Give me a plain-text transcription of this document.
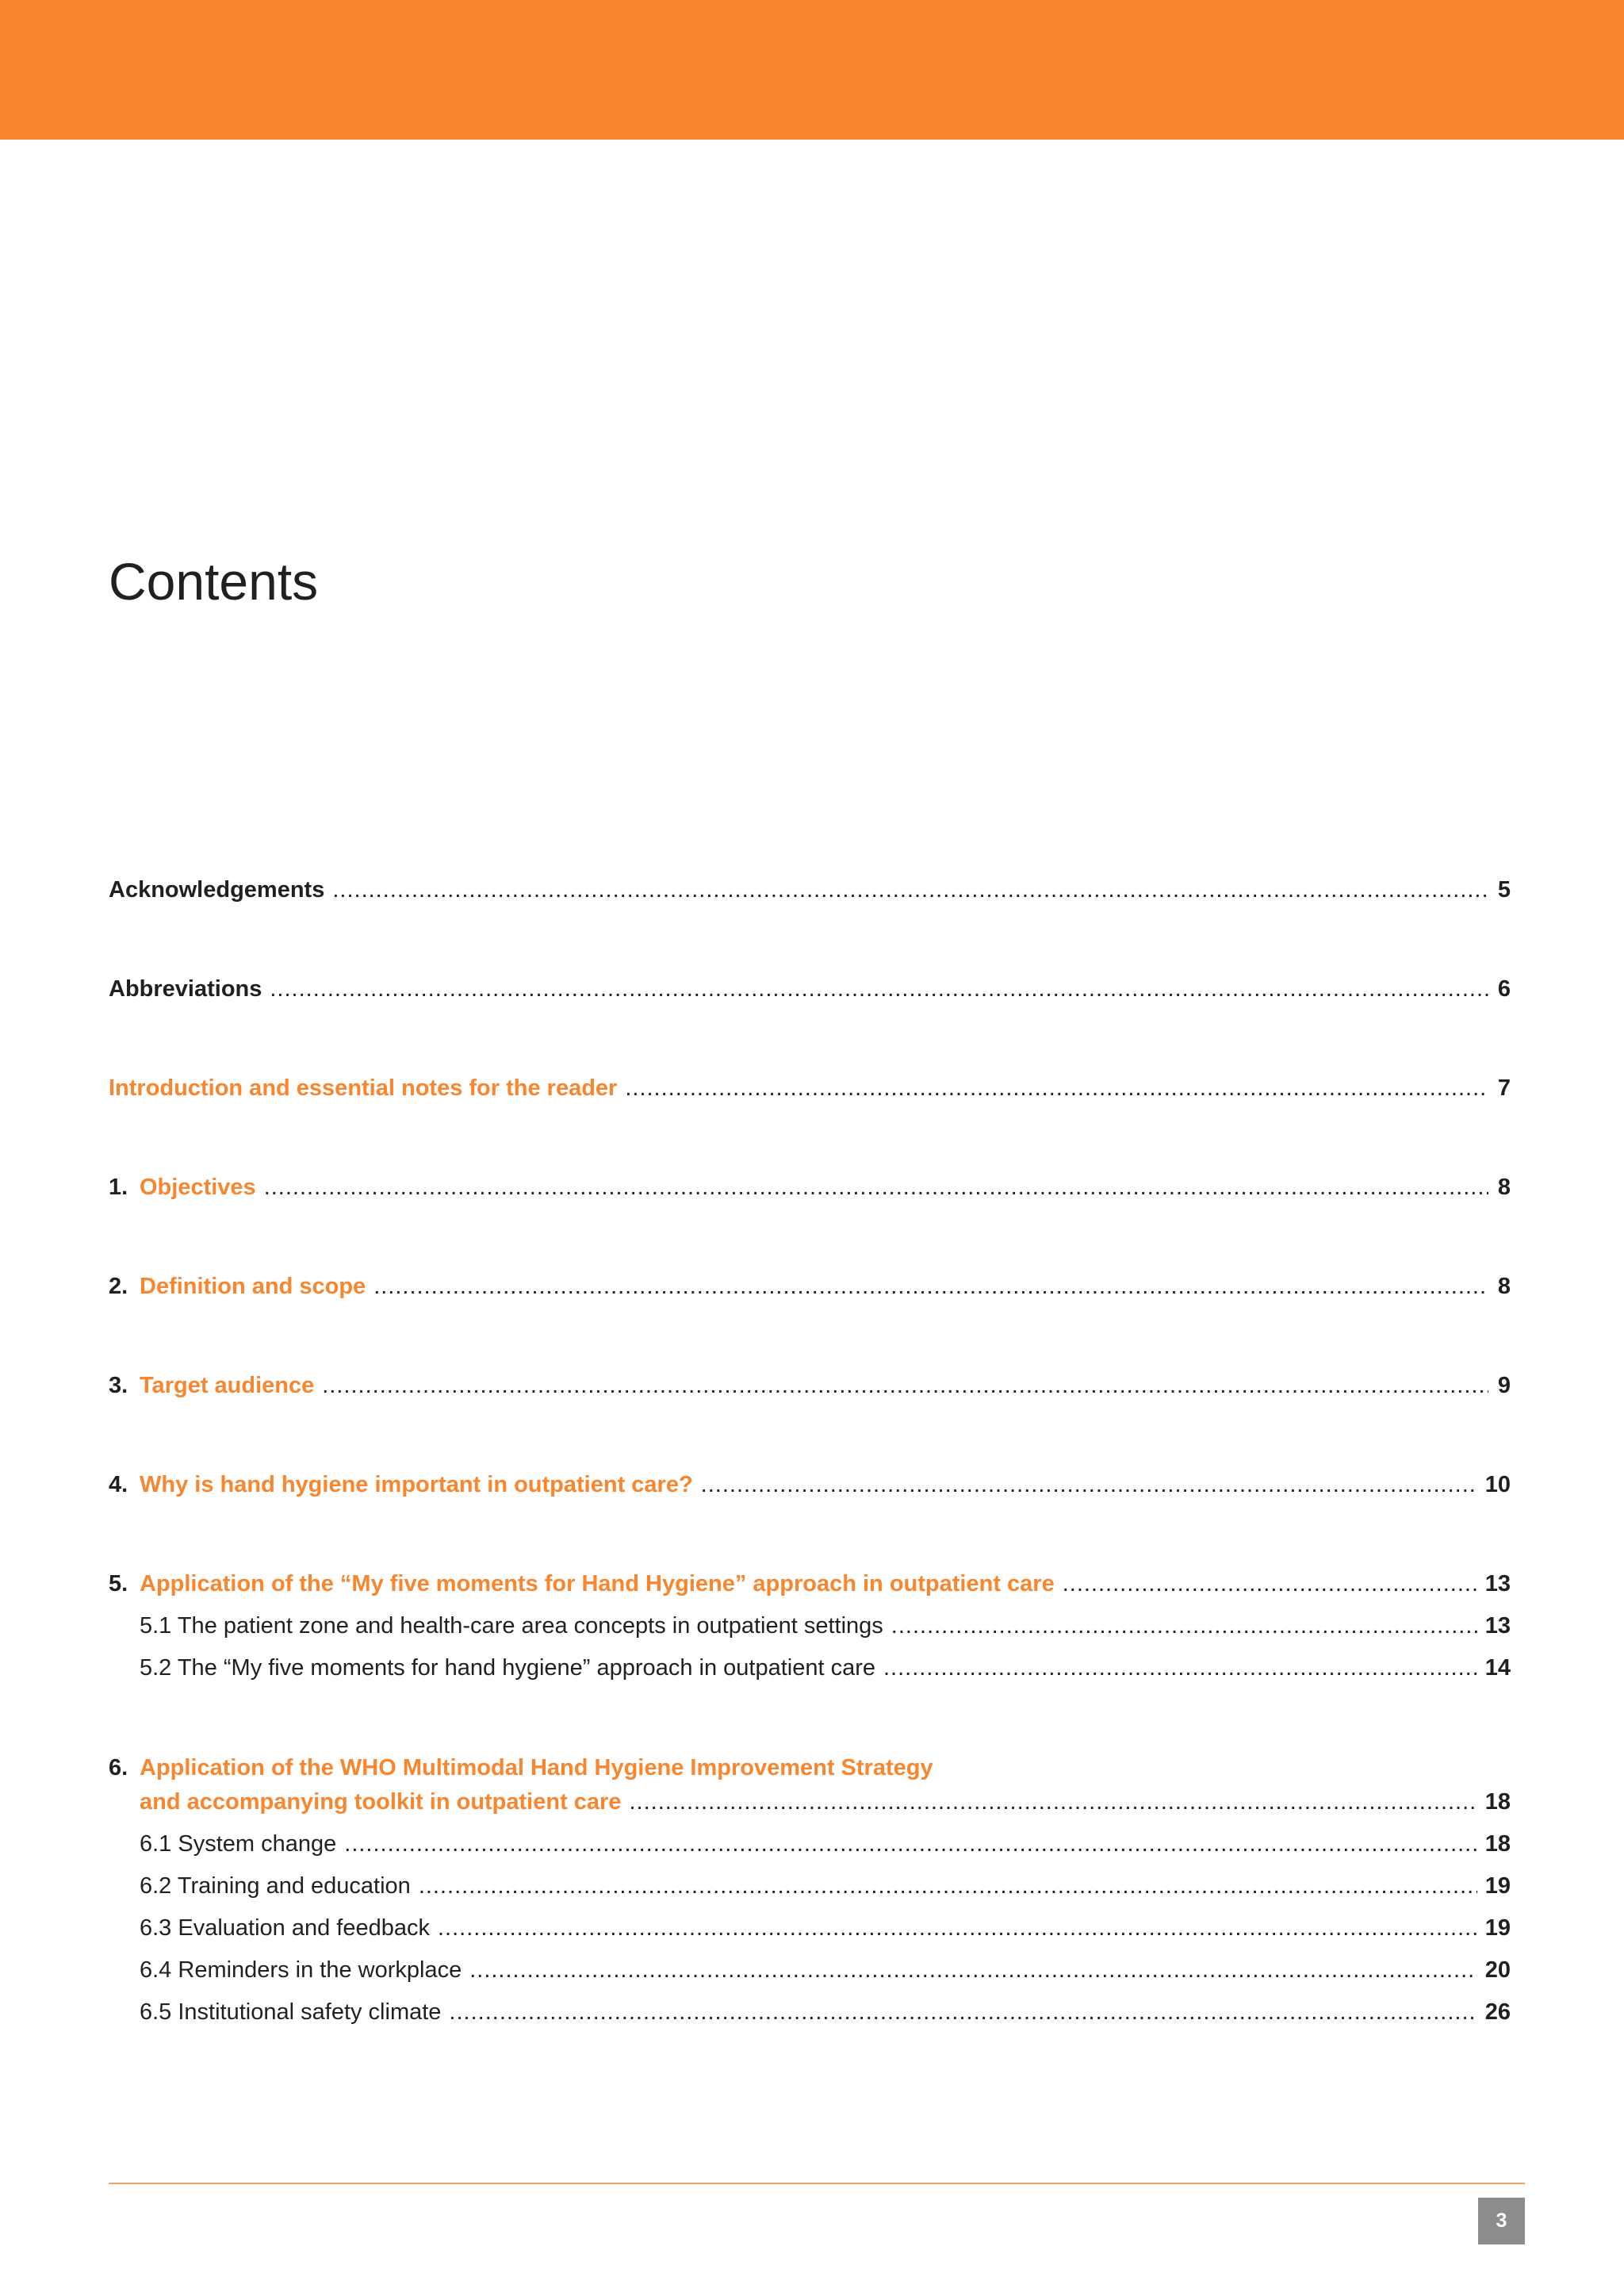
Contents
Acknowledgements .....	5
Abbreviations .....	6
Introduction and essential notes for the reader .....	7
1. Objectives .....	8
2. Definition and scope .....	8
3. Target audience .....	9
4. Why is hand hygiene important in outpatient care? .....	10
5. Application of the “My five moments for Hand Hygiene” approach in outpatient care .....	13
5.1 The patient zone and health-care area concepts in outpatient settings .....	13
5.2 The “My five moments for hand hygiene” approach in outpatient care .....	14
6. Application of the WHO Multimodal Hand Hygiene Improvement Strategy
and accompanying toolkit in outpatient care .....	18
6.1 System change .....	18
6.2 Training and education .....	19
6.3 Evaluation and feedback .....	19
6.4 Reminders in the workplace .....	20
6.5 Institutional safety climate .....	26
3
